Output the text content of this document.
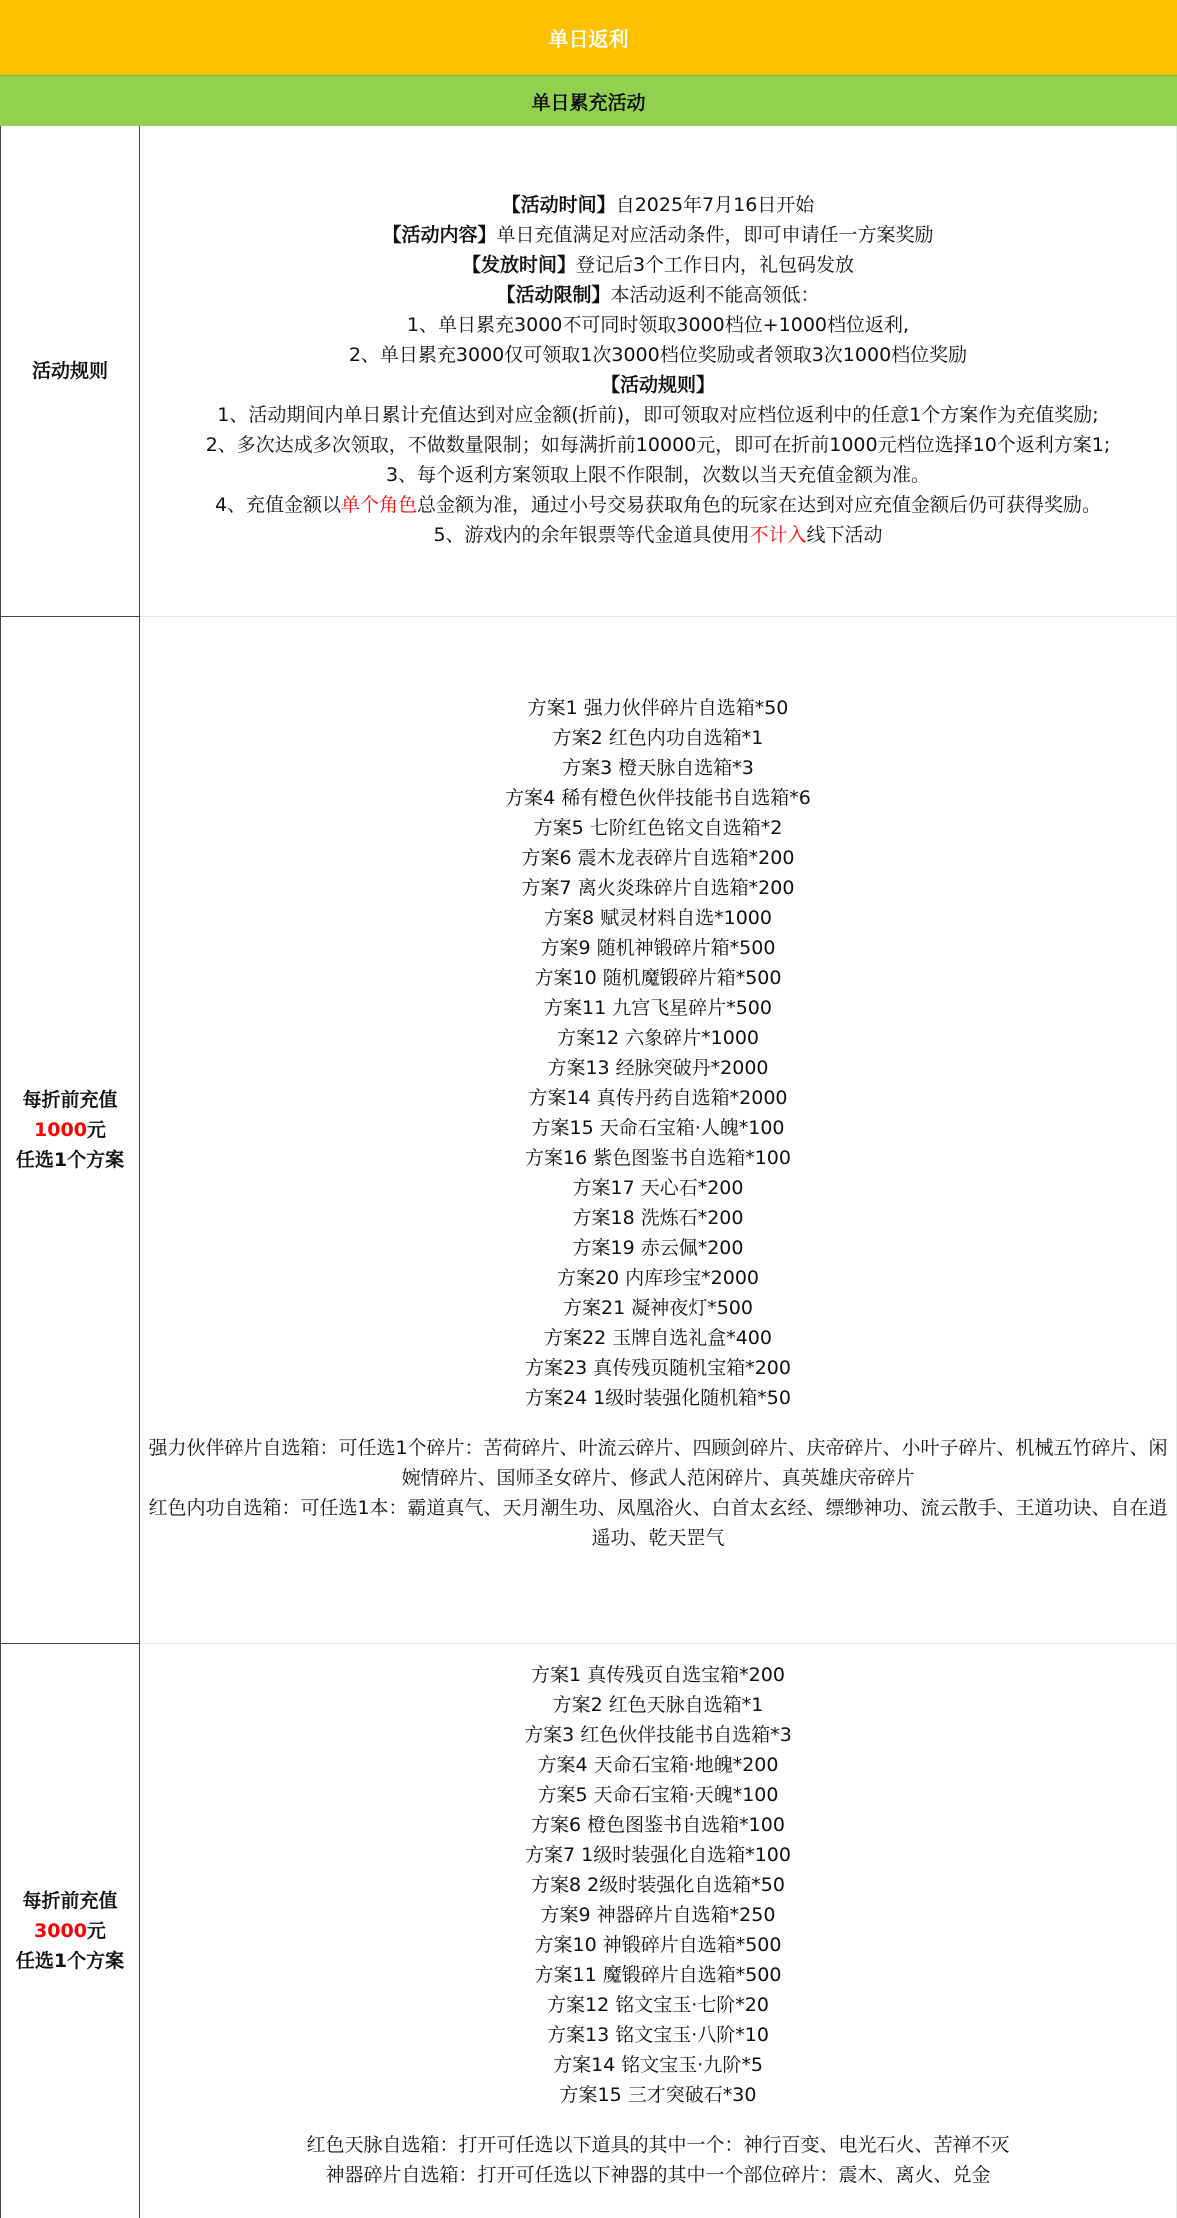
单日返利
单日累充活动
活动规则
【活动时间】自2025年7月16日开始
【活动内容】单日充值满足对应活动条件，即可申请任一方案奖励
【发放时间】登记后3个工作日内，礼包码发放
【活动限制】本活动返利不能高领低：
1、单日累充3000不可同时领取3000档位+1000档位返利,
2、单日累充3000仅可领取1次3000档位奖励或者领取3次1000档位奖励
【活动规则】
1、活动期间内单日累计充值达到对应金额(折前)，即可领取对应档位返利中的任意1个方案作为充值奖励;
2、多次达成多次领取，不做数量限制；如每满折前10000元，即可在折前1000元档位选择10个返利方案1;
3、每个返利方案领取上限不作限制，次数以当天充值金额为准。
4、充值金额以单个角色总金额为准，通过小号交易获取角色的玩家在达到对应充值金额后仍可获得奖励。
5、游戏内的余年银票等代金道具使用不计入线下活动
每折前充值
1000元
任选1个方案
方案1 强力伙伴碎片自选箱*50
方案2 红色内功自选箱*1
方案3 橙天脉自选箱*3
方案4 稀有橙色伙伴技能书自选箱*6
方案5 七阶红色铭文自选箱*2
方案6 震木龙表碎片自选箱*200
方案7 离火炎珠碎片自选箱*200
方案8 赋灵材料自选*1000
方案9 随机神锻碎片箱*500
方案10 随机魔锻碎片箱*500
方案11 九宫飞星碎片*500
方案12 六象碎片*1000
方案13 经脉突破丹*2000
方案14 真传丹药自选箱*2000
方案15 天命石宝箱·人魄*100
方案16 紫色图鉴书自选箱*100
方案17 天心石*200
方案18 洗炼石*200
方案19 赤云佩*200
方案20 内库珍宝*2000
方案21 凝神夜灯*500
方案22 玉牌自选礼盒*400
方案23 真传残页随机宝箱*200
方案24 1级时装强化随机箱*50
强力伙伴碎片自选箱：可任选1个碎片：苦荷碎片、叶流云碎片、四顾剑碎片、庆帝碎片、小叶子碎片、机械五竹碎片、闲婉情碎片、国师圣女碎片、修武人范闲碎片、真英雄庆帝碎片
红色内功自选箱：可任选1本：霸道真气、天月潮生功、凤凰浴火、白首太玄经、缥缈神功、流云散手、王道功诀、自在逍遥功、乾天罡气
每折前充值
3000元
任选1个方案
方案1 真传残页自选宝箱*200
方案2 红色天脉自选箱*1
方案3 红色伙伴技能书自选箱*3
方案4 天命石宝箱·地魄*200
方案5 天命石宝箱·天魄*100
方案6 橙色图鉴书自选箱*100
方案7 1级时装强化自选箱*100
方案8 2级时装强化自选箱*50
方案9 神器碎片自选箱*250
方案10 神锻碎片自选箱*500
方案11 魔锻碎片自选箱*500
方案12 铭文宝玉·七阶*20
方案13 铭文宝玉·八阶*10
方案14 铭文宝玉·九阶*5
方案15 三才突破石*30
红色天脉自选箱：打开可任选以下道具的其中一个：神行百变、电光石火、苦禅不灭
神器碎片自选箱：打开可任选以下神器的其中一个部位碎片：震木、离火、兑金
